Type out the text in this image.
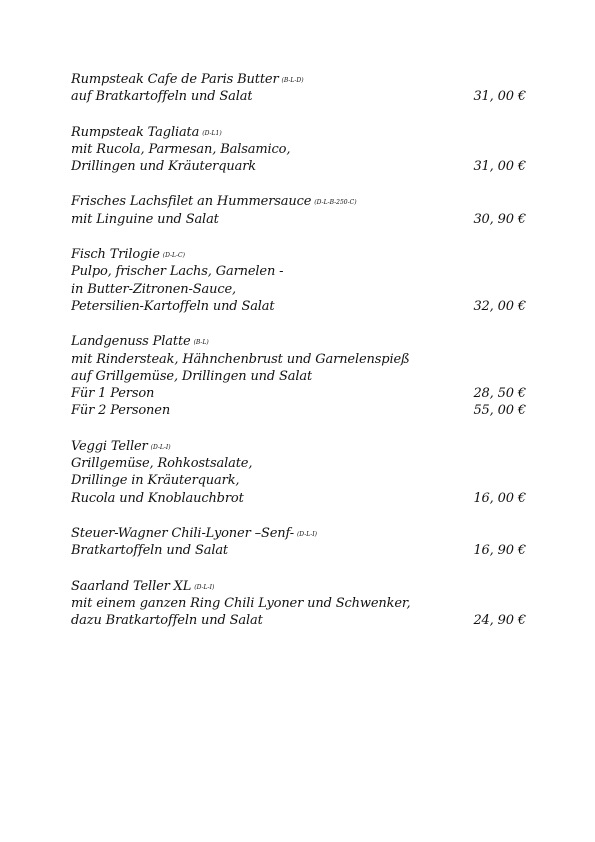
Rumpsteak Cafe de Paris Butter (B-L-D)
auf Bratkartoffeln und Salat	31, 00 €
Rumpsteak Tagliata (D-L1)
mit Rucola, Parmesan, Balsamico,
Drillingen und Kräuterquark	31, 00 €
Frisches Lachsfilet an Hummersauce (D-L-B-250-C)
mit Linguine und Salat	30, 90 €
Fisch Trilogie (D-L-C)
Pulpo, frischer Lachs, Garnelen -
in Butter-Zitronen-Sauce,
Petersilien-Kartoffeln und Salat	32, 00 €
Landgenuss Platte (B-L)
mit Rindersteak, Hähnchenbrust und Garnelenspieß
auf Grillgemüse, Drillingen und Salat
Für 1 Person	28, 50 €
Für 2 Personen	55, 00 €
Veggi Teller (D-L-I)
Grillgemüse, Rohkostsalate,
Drillinge in Kräuterquark,
Rucola und Knoblauchbrot	16, 00 €
Steuer-Wagner Chili-Lyoner –Senf- (D-L-I)
Bratkartoffeln und Salat	16, 90 €
Saarland Teller XL (D-L-I)
mit einem ganzen Ring Chili Lyoner und Schwenker,
dazu Bratkartoffeln und Salat	24, 90 €
